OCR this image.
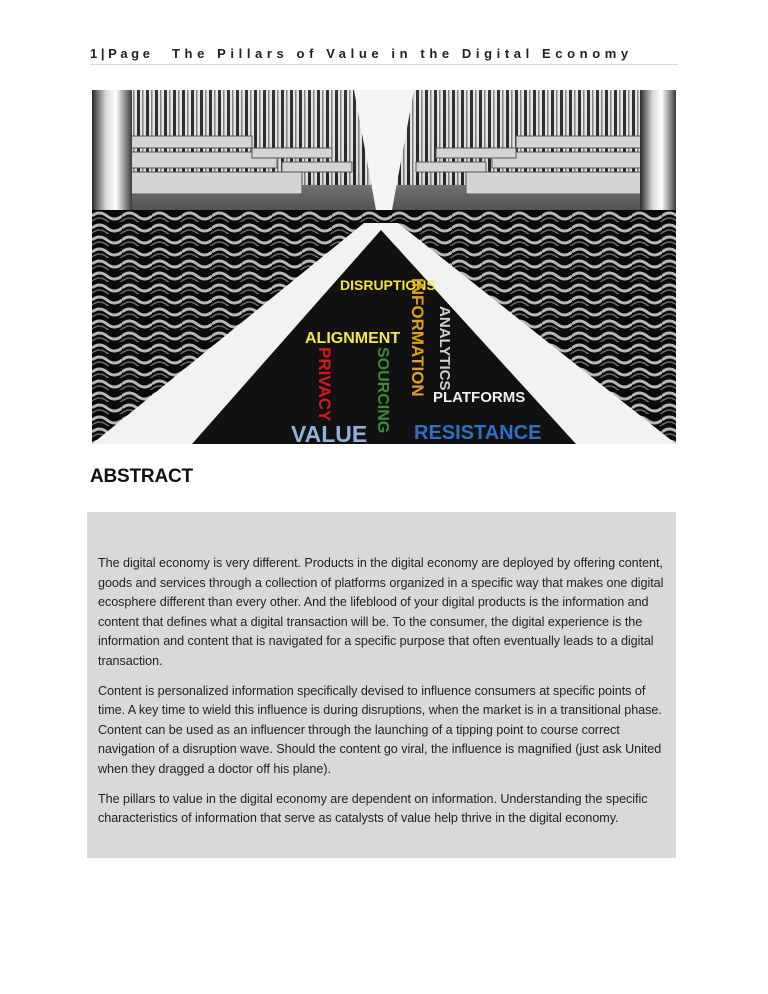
1|Page The Pillars of Value in the Digital Economy
DISRUPTIONS
INFORMATION ANALYTICS
ALIGNMENT
PRIVACY	SOURCING	PLATFORMS
VALUE RESISTANCE
ABSTRACT

The digital economy is very different. Products in the digital economy are deployed by offering content, goods and services through a collection of platforms organized in a specific way that makes one digital ecosphere different than every other. And the lifeblood of your digital products is the information and content that defines what a digital transaction will be. To the consumer, the digital experience is the information and content that is navigated for a specific purpose that often eventually leads to a digital transaction.

Content is personalized information specifically devised to influence consumers at specific points of time. A key time to wield this influence is during disruptions, when the market is in a transitional phase. Content can be used as an influencer through the launching of a tipping point to course correct navigation of a disruption wave. Should the content go viral, the influence is magnified (just ask United when they dragged a doctor off his plane).

The pillars to value in the digital economy are dependent on information. Understanding the specific characteristics of information that serve as catalysts of value help thrive in the digital economy.
